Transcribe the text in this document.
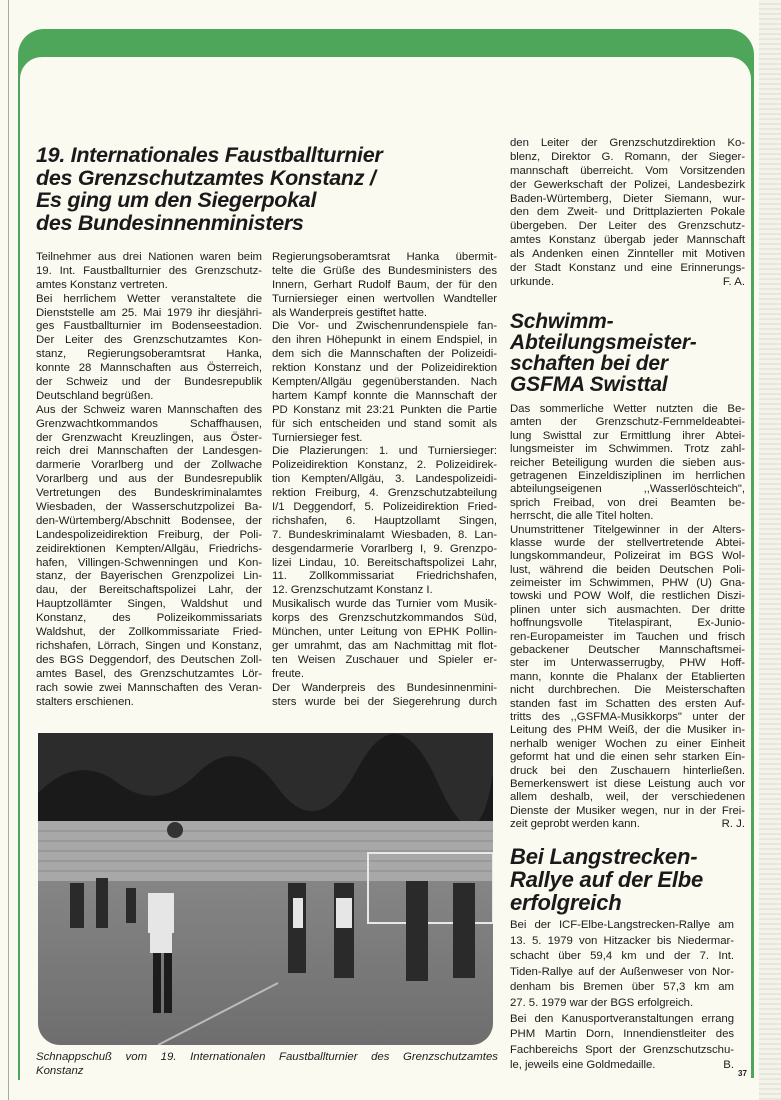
19. Internationales Faustballturnier
des Grenzschutzamtes Konstanz /
Es ging um den Siegerpokal
des Bundesinnenministers
Teilnehmer aus drei Nationen waren beim
19. Int. Faustballturnier des Grenzschutz-
amtes Konstanz vertreten.
Bei herrlichem Wetter veranstaltete die
Dienststelle am 25. Mai 1979 ihr diesjähri-
ges Faustballturnier im Bodenseestadion.
Der Leiter des Grenzschutzamtes Kon-
stanz, Regierungsoberamtsrat Hanka,
konnte 28 Mannschaften aus Österreich,
der Schweiz und der Bundesrepublik
Deutschland begrüßen.
Aus der Schweiz waren Mannschaften des
Grenzwachtkommandos Schaffhausen,
der Grenzwacht Kreuzlingen, aus Öster-
reich drei Mannschaften der Landesgen-
darmerie Vorarlberg und der Zollwache
Vorarlberg und aus der Bundesrepublik
Vertretungen des Bundeskriminalamtes
Wiesbaden, der Wasserschutzpolizei Ba-
den-Würtemberg/Abschnitt Bodensee, der
Landespolizeidirektion Freiburg, der Poli-
zeidirektionen Kempten/Allgäu, Friedrichs-
hafen, Villingen-Schwenningen und Kon-
stanz, der Bayerischen Grenzpolizei Lin-
dau, der Bereitschaftspolizei Lahr, der
Hauptzollämter Singen, Waldshut und
Konstanz, des Polizeikommissariats
Waldshut, der Zollkommissariate Fried-
richshafen, Lörrach, Singen und Konstanz,
des BGS Deggendorf, des Deutschen Zoll-
amtes Basel, des Grenzschutzamtes Lör-
rach sowie zwei Mannschaften des Veran-
stalters erschienen.
Regierungsoberamtsrat Hanka übermit-
telte die Grüße des Bundesministers des
Innern, Gerhart Rudolf Baum, der für den
Turniersieger einen wertvollen Wandteller
als Wanderpreis gestiftet hatte.
Die Vor- und Zwischenrundenspiele fan-
den ihren Höhepunkt in einem Endspiel, in
dem sich die Mannschaften der Polizeidi-
rektion Konstanz und der Polizeidirektion
Kempten/Allgäu gegenüberstanden. Nach
hartem Kampf konnte die Mannschaft der
PD Konstanz mit 23:21 Punkten die Partie
für sich entscheiden und stand somit als
Turniersieger fest.
Die Plazierungen: 1. und Turniersieger:
Polizeidirektion Konstanz, 2. Polizeidirek-
tion Kempten/Allgäu, 3. Landespolizeidi-
rektion Freiburg, 4. Grenzschutzabteilung
I/1 Deggendorf, 5. Polizeidirektion Fried-
richshafen, 6. Hauptzollamt Singen,
7. Bundeskriminalamt Wiesbaden, 8. Lan-
desgendarmerie Vorarlberg I, 9. Grenzpo-
lizei Lindau, 10. Bereitschaftspolizei Lahr,
11. Zollkommissariat Friedrichshafen,
12. Grenzschutzamt Konstanz I.
Musikalisch wurde das Turnier vom Musik-
korps des Grenzschutzkommandos Süd,
München, unter Leitung von EPHK Pollin-
ger umrahmt, das am Nachmittag mit flot-
ten Weisen Zuschauer und Spieler er-
freute.
Der Wanderpreis des Bundesinnenmini-
sters wurde bei der Siegerehrung durch
den Leiter der Grenzschutzdirektion Ko-
blenz, Direktor G. Romann, der Sieger-
mannschaft überreicht. Vom Vorsitzenden
der Gewerkschaft der Polizei, Landesbezirk
Baden-Würtemberg, Dieter Siemann, wur-
den dem Zweit- und Drittplazierten Pokale
übergeben. Der Leiter des Grenzschutz-
amtes Konstanz übergab jeder Mannschaft
als Andenken einen Zinnteller mit Motiven
der Stadt Konstanz und eine Erinnerungs-
urkunde.	F. A.
Schnappschuß vom 19. Internationalen Faustballturnier des Grenzschutzamtes
Konstanz
Schwimm-
Abteilungsmeister-
schaften bei der
GSFMA Swisttal
Das sommerliche Wetter nutzten die Be-
amten der Grenzschutz-Fernmeldeabtei-
lung Swisttal zur Ermittlung ihrer Abtei-
lungsmeister im Schwimmen. Trotz zahl-
reicher Beteiligung wurden die sieben aus-
getragenen Einzeldisziplinen im herrlichen
abteilungseigenen ,,Wasserlöschteich",
sprich Freibad, von drei Beamten be-
herrscht, die alle Titel holten.
Unumstrittener Titelgewinner in der Alters-
klasse wurde der stellvertretende Abtei-
lungskommandeur, Polizeirat im BGS Wol-
lust, während die beiden Deutschen Poli-
zeimeister im Schwimmen, PHW (U) Gna-
towski und POW Wolf, die restlichen Diszi-
plinen unter sich ausmachten. Der dritte
hoffnungsvolle Titelaspirant, Ex-Junio-
ren-Europameister im Tauchen und frisch
gebackener Deutscher Mannschaftsmei-
ster im Unterwasserrugby, PHW Hoff-
mann, konnte die Phalanx der Etablierten
nicht durchbrechen. Die Meisterschaften
standen fast im Schatten des ersten Auf-
tritts des ,,GSFMA-Musikkorps" unter der
Leitung des PHM Weiß, der die Musiker in-
nerhalb weniger Wochen zu einer Einheit
geformt hat und die einen sehr starken Ein-
druck bei den Zuschauern hinterließen.
Bemerkenswert ist diese Leistung auch vor
allem deshalb, weil, der verschiedenen
Dienste der Musiker wegen, nur in der Frei-
zeit geprobt werden kann.	R. J.
Bei Langstrecken-
Rallye auf der Elbe
erfolgreich
Bei der ICF-Elbe-Langstrecken-Rallye am
13. 5. 1979 von Hitzacker bis Niedermar-
schacht über 59,4 km und der 7. Int.
Tiden-Rallye auf der Außenweser von Nor-
denham bis Bremen über 57,3 km am
27. 5. 1979 war der BGS erfolgreich.
Bei den Kanusportveranstaltungen errang
PHM Martin Dorn, Innendienstleiter des
Fachbereichs Sport der Grenzschutzschu-
le, jeweils eine Goldmedaille.	B.
37
